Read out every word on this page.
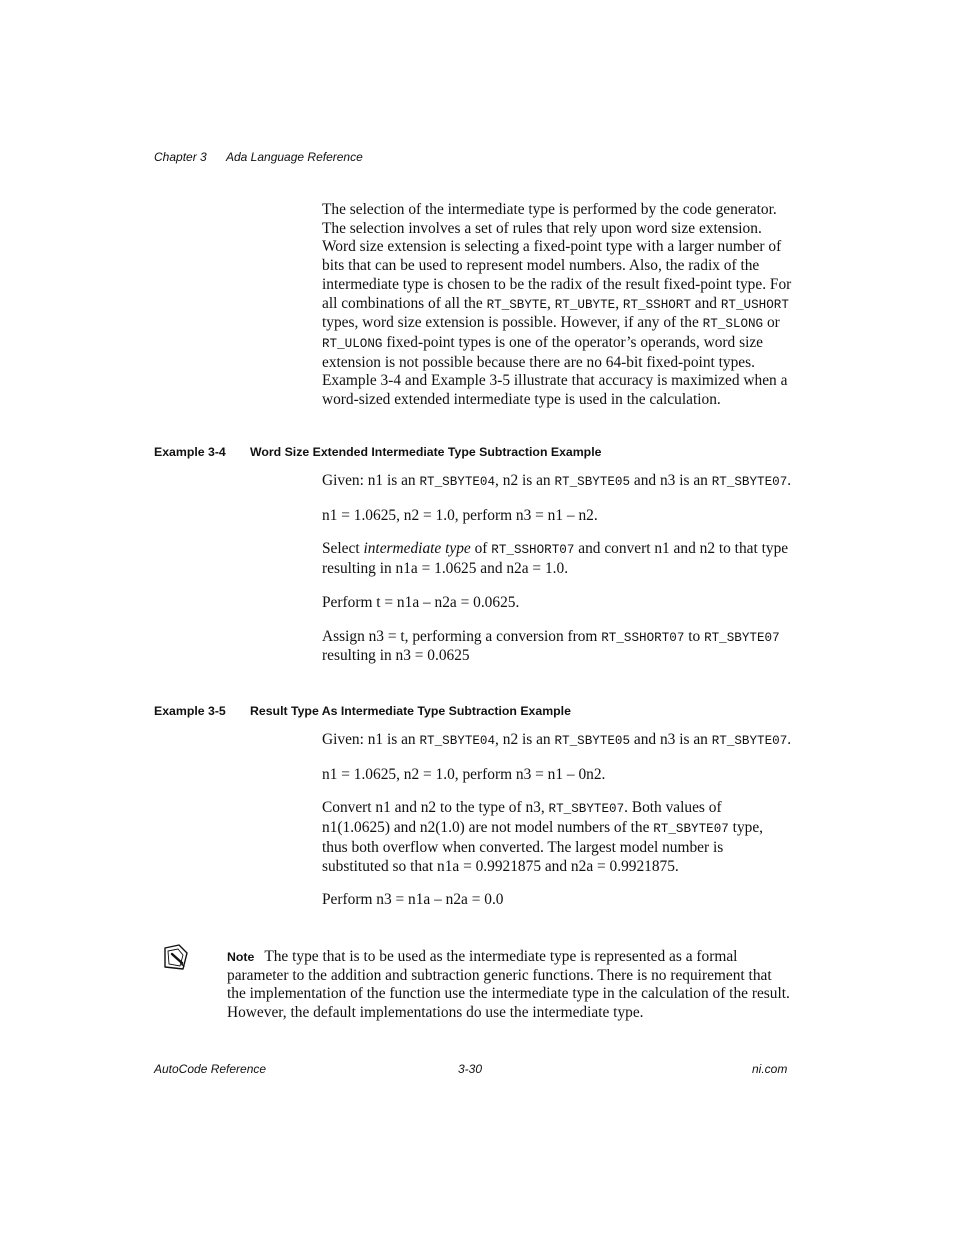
Chapter 3 Ada Language Reference

The selection of the intermediate type is performed by the code generator. The selection involves a set of rules that rely upon word size extension. Word size extension is selecting a fixed-point type with a larger number of bits that can be used to represent model numbers. Also, the radix of the intermediate type is chosen to be the radix of the result fixed-point type. For all combinations of all the RT_SBYTE, RT_UBYTE, RT_SSHORT and RT_USHORT types, word size extension is possible. However, if any of the RT_SLONG or RT_ULONG fixed-point types is one of the operator’s operands, word size extension is not possible because there are no 64-bit fixed-point types. Example 3-4 and Example 3-5 illustrate that accuracy is maximized when a word-sized extended intermediate type is used in the calculation.

Example 3-4 Word Size Extended Intermediate Type Subtraction Example

Given: n1 is an RT_SBYTE04, n2 is an RT_SBYTE05 and n3 is an RT_SBYTE07.

n1 = 1.0625, n2 = 1.0, perform n3 = n1 – n2.

Select intermediate type of RT_SSHORT07 and convert n1 and n2 to that type resulting in n1a = 1.0625 and n2a = 1.0.

Perform t = n1a – n2a = 0.0625.

Assign n3 = t, performing a conversion from RT_SSHORT07 to RT_SBYTE07 resulting in n3 = 0.0625

Example 3-5 Result Type As Intermediate Type Subtraction Example

Given: n1 is an RT_SBYTE04, n2 is an RT_SBYTE05 and n3 is an RT_SBYTE07.

n1 = 1.0625, n2 = 1.0, perform n3 = n1 – 0n2.

Convert n1 and n2 to the type of n3, RT_SBYTE07. Both values of n1(1.0625) and n2(1.0) are not model numbers of the RT_SBYTE07 type, thus both overflow when converted. The largest model number is substituted so that n1a = 0.9921875 and n2a = 0.9921875.

Perform n3 = n1a – n2a = 0.0

Note The type that is to be used as the intermediate type is represented as a formal parameter to the addition and subtraction generic functions. There is no requirement that the implementation of the function use the intermediate type in the calculation of the result. However, the default implementations do use the intermediate type.
AutoCode Reference	3-30	ni.com
